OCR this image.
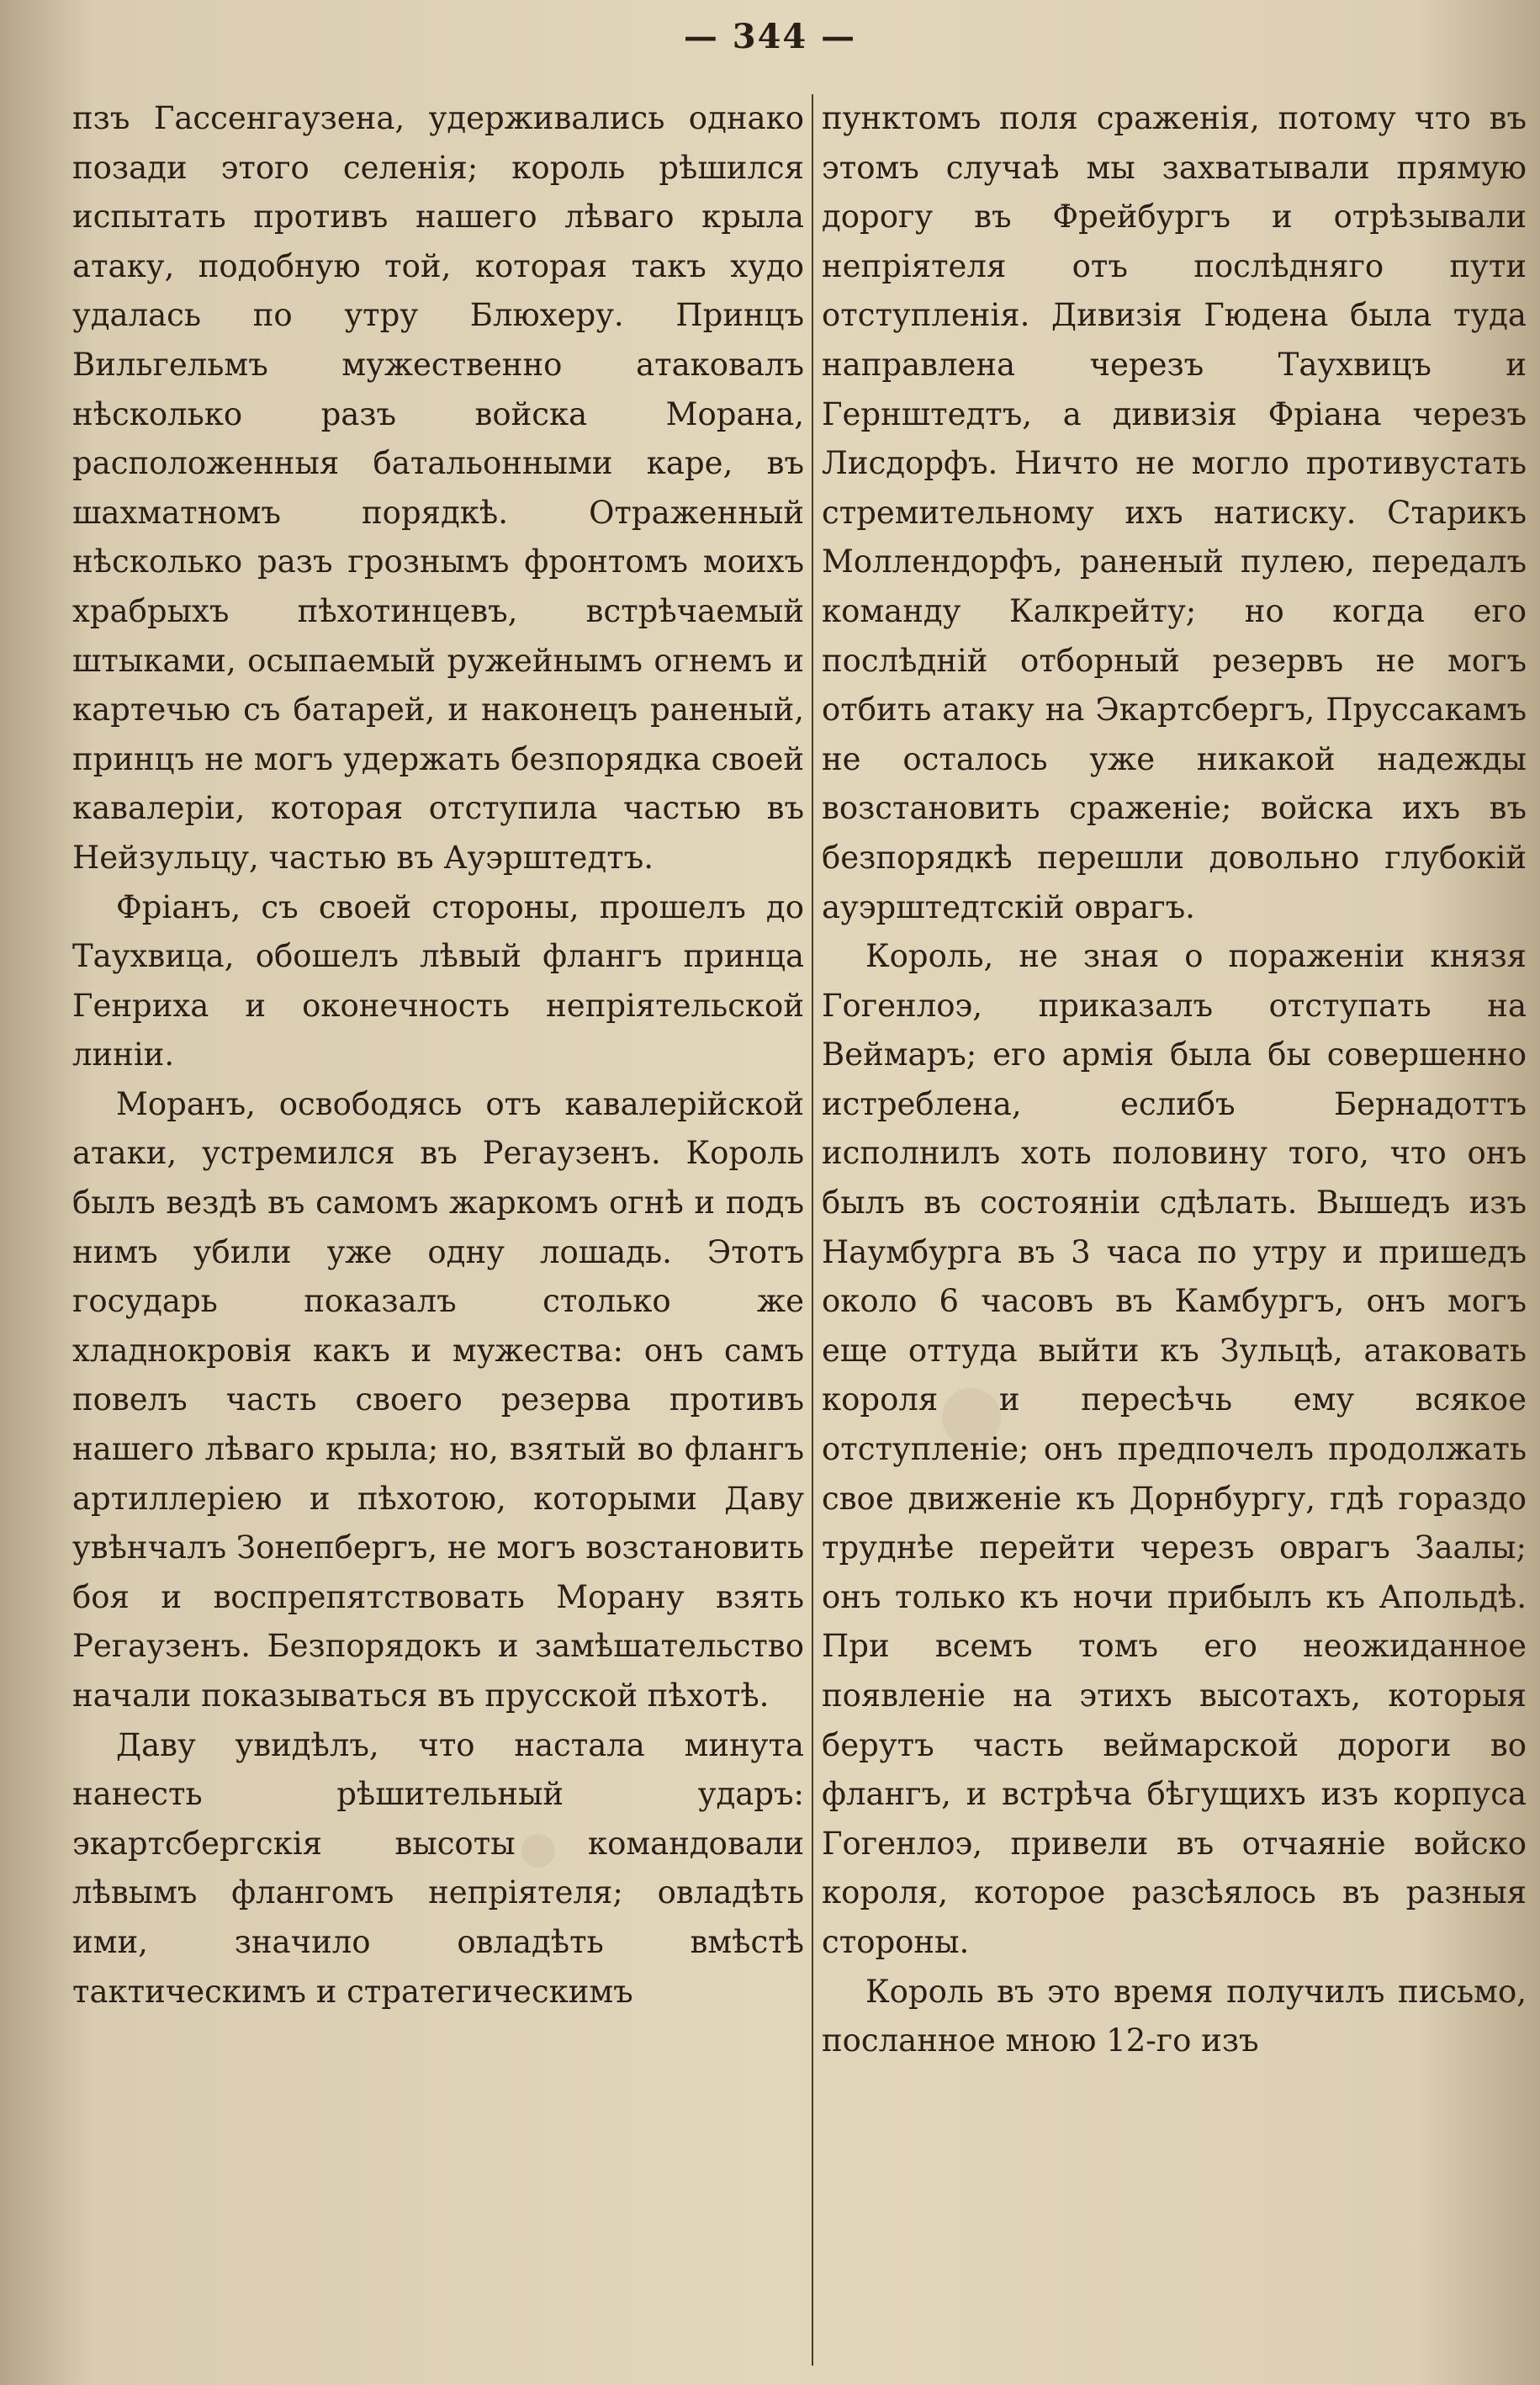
— 344 —

пзъ Гассенгаузена, удерживались однако позади этого селенія; король рѣшился испытать противъ нашего лѣваго крыла атаку, подобную той, которая такъ худо удалась по утру Блюхеру. Принцъ Вильгельмъ мужественно атаковалъ нѣсколько разъ войска Морана, расположенныя батальонными каре, въ шахматномъ порядкѣ. Отраженный нѣсколько разъ грознымъ фронтомъ моихъ храбрыхъ пѣхотинцевъ, встрѣчаемый штыками, осыпаемый ружейнымъ огнемъ и картечью съ батарей, и наконецъ раненый, принцъ не могъ удержать безпорядка своей кавалеріи, которая отступила частью въ Нейзульцу, частью въ Ауэрштедтъ.

Фріанъ, съ своей стороны, прошелъ до Таухвица, обошелъ лѣвый флангъ принца Генриха и оконечность непріятельской линіи.

Моранъ, освободясь отъ кавалерійской атаки, устремился въ Регаузенъ. Король былъ вездѣ въ самомъ жаркомъ огнѣ и подъ нимъ убили уже одну лошадь. Этотъ государь показалъ столько же хладнокровія какъ и мужества: онъ самъ повелъ часть своего резерва противъ нашего лѣваго крыла; но, взятый во флангъ артиллеріею и пѣхотою, которыми Даву увѣнчалъ Зонепбергъ, не могъ возстановить боя и воспрепятствовать Морану взять Регаузенъ. Безпорядокъ и замѣшательство начали показываться въ прусской пѣхотѣ.

Даву увидѣлъ, что настала минута нанесть рѣшительный ударъ: экартсбергскія высоты командовали лѣвымъ флангомъ непріятеля; овладѣть ими, значило овладѣть вмѣстѣ тактическимъ и стратегическимъ

пунктомъ поля сраженія, потому что въ этомъ случаѣ мы захватывали прямую дорогу въ Фрейбургъ и отрѣзывали непріятеля отъ послѣдняго пути отступленія. Дивизія Гюдена была туда направлена черезъ Таухвицъ и Гернштедтъ, а дивизія Фріана черезъ Лисдорфъ. Ничто не могло противустать стремительному ихъ натиску. Старикъ Моллендорфъ, раненый пулею, передалъ команду Калкрейту; но когда его послѣдній отборный резервъ не могъ отбить атаку на Экартсбергъ, Пруссакамъ не осталось уже никакой надежды возстановить сраженіе; войска ихъ въ безпорядкѣ перешли довольно глубокій ауэрштедтскій оврагъ.

Король, не зная о пораженіи князя Гогенлоэ, приказалъ отступать на Веймаръ; его армія была бы совершенно истреблена, еслибъ Бернадоттъ исполнилъ хоть половину того, что онъ былъ въ состояніи сдѣлать. Вышедъ изъ Наумбурга въ 3 часа по утру и пришедъ около 6 часовъ въ Камбургъ, онъ могъ еще оттуда выйти къ Зульцѣ, атаковать короля и пересѣчь ему всякое отступленіе; онъ предпочелъ продолжать свое движеніе къ Дорнбургу, гдѣ гораздо труднѣе перейти черезъ оврагъ Заалы; онъ только къ ночи прибылъ къ Апольдѣ. При всемъ томъ его неожиданное появленіе на этихъ высотахъ, которыя берутъ часть веймарской дороги во флангъ, и встрѣча бѣгущихъ изъ корпуса Гогенлоэ, привели въ отчаяніе войско короля, которое разсѣялось въ разныя стороны.

Король въ это время получилъ письмо, посланное мною 12-го изъ
